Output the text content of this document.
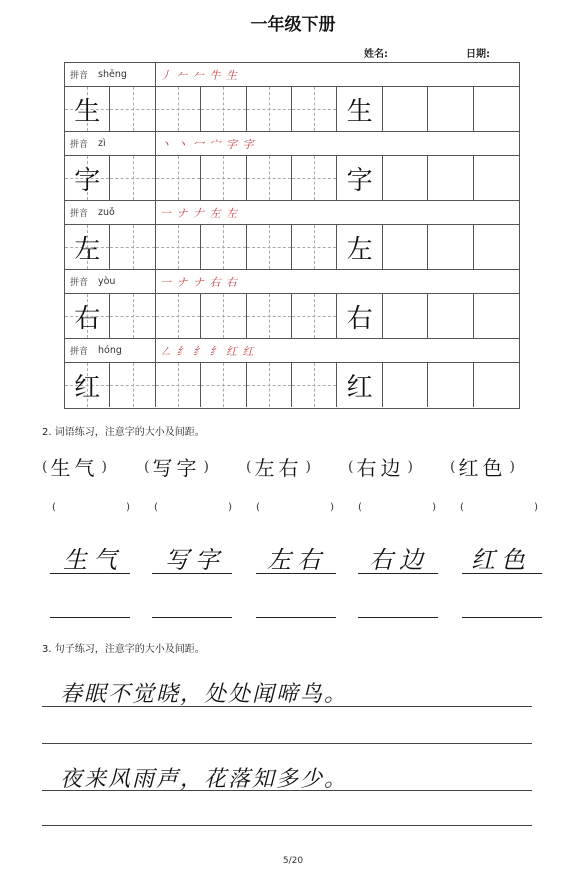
一年级下册
姓名:	日期:
拼音	shēng	丿 𠂉 𠂉 牛 生
生	生
拼音	zì	丶 丶 冖 宀 字 字
字	字
拼音	zuǒ	一 ナ 𠂇 左 左
左	左
拼音	yòu	一 ナ ナ 右 右
右	右
拼音	hóng	㇜ 纟 纟 纟 红 红
红	红
2. 词语练习，注意字的大小及间距。
( 生气 )	( 写字 )	( 左右 )	( 右边 )	( 红色 )
(	) (	) (	) (	) (	)
生气 写字 左右 右边 红色
3. 句子练习，注意字的大小及间距。
春眠不觉晓，处处闻啼鸟。
夜来风雨声，花落知多少。
5/20
